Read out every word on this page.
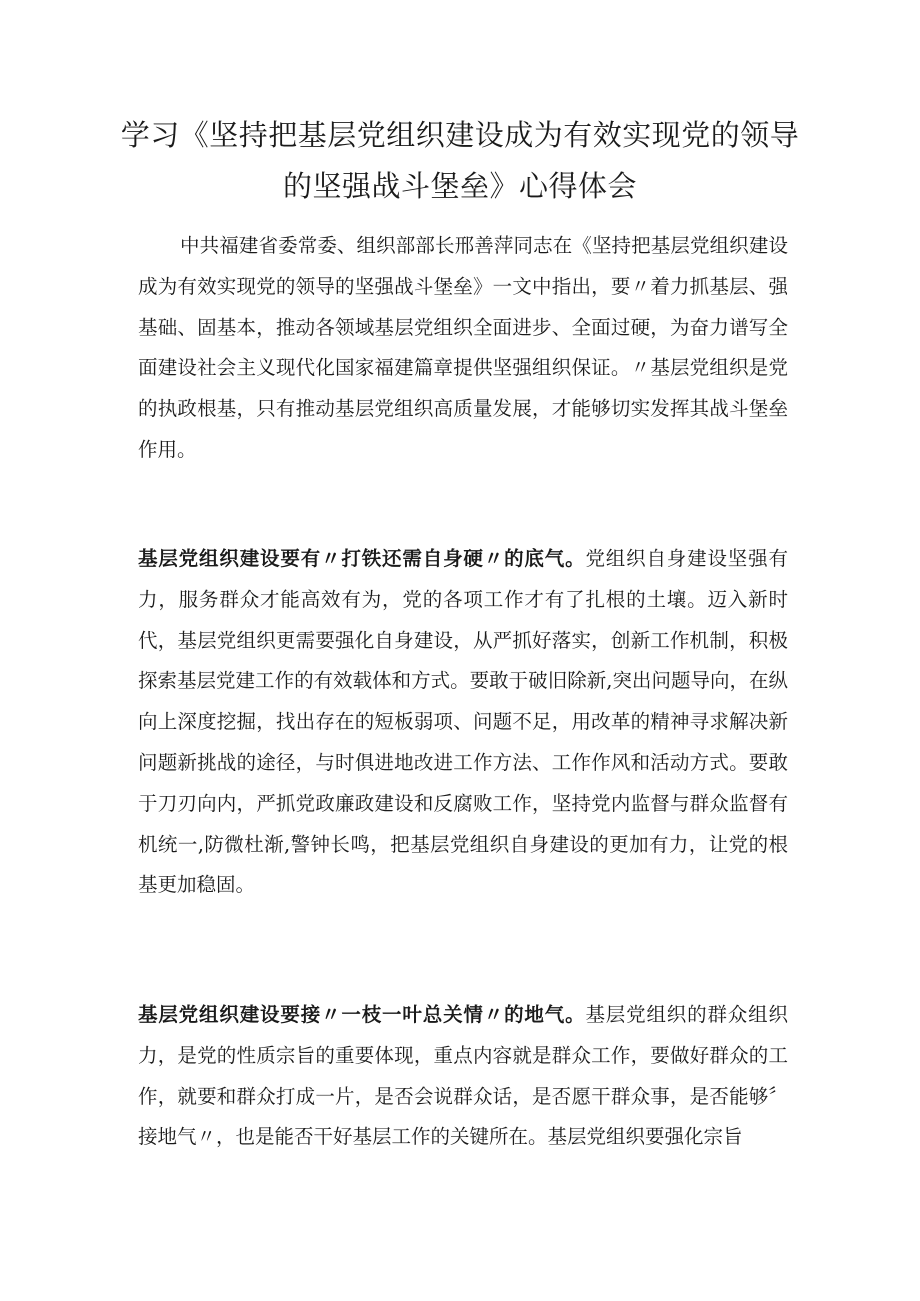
学习《坚持把基层党组织建设成为有效实现党的领导
的坚强战斗堡垒》心得体会

中共福建省委常委、组织部部长邢善萍同志在《坚持把基层党组织建设成为有效实现党的领导的坚强战斗堡垒》一文中指出，要〃着力抓基层、强基础、固基本，推动各领域基层党组织全面进步、全面过硬，为奋力谱写全面建设社会主义现代化国家福建篇章提供坚强组织保证。〃基层党组织是党的执政根基，只有推动基层党组织高质量发展，才能够切实发挥其战斗堡垒作用。

基层党组织建设要有〃打铁还需自身硬〃的底气。党组织自身建设坚强有力，服务群众才能高效有为，党的各项工作才有了扎根的土壤。迈入新时代，基层党组织更需要强化自身建设，从严抓好落实，创新工作机制，积极探索基层党建工作的有效载体和方式。要敢于破旧除新,突出问题导向，在纵向上深度挖掘，找出存在的短板弱项、问题不足，用改革的精神寻求解决新问题新挑战的途径，与时俱进地改进工作方法、工作作风和活动方式。要敢于刀刃向内，严抓党政廉政建设和反腐败工作，坚持党内监督与群众监督有机统一,防微杜渐,警钟长鸣，把基层党组织自身建设的更加有力，让党的根基更加稳固。

基层党组织建设要接〃一枝一叶总关情〃的地气。基层党组织的群众组织力，是党的性质宗旨的重要体现，重点内容就是群众工作，要做好群众的工作，就要和群众打成一片，是否会说群众话，是否愿干群众事，是否能够〞接地气〃，也是能否干好基层工作的关键所在。基层党组织要强化宗旨
